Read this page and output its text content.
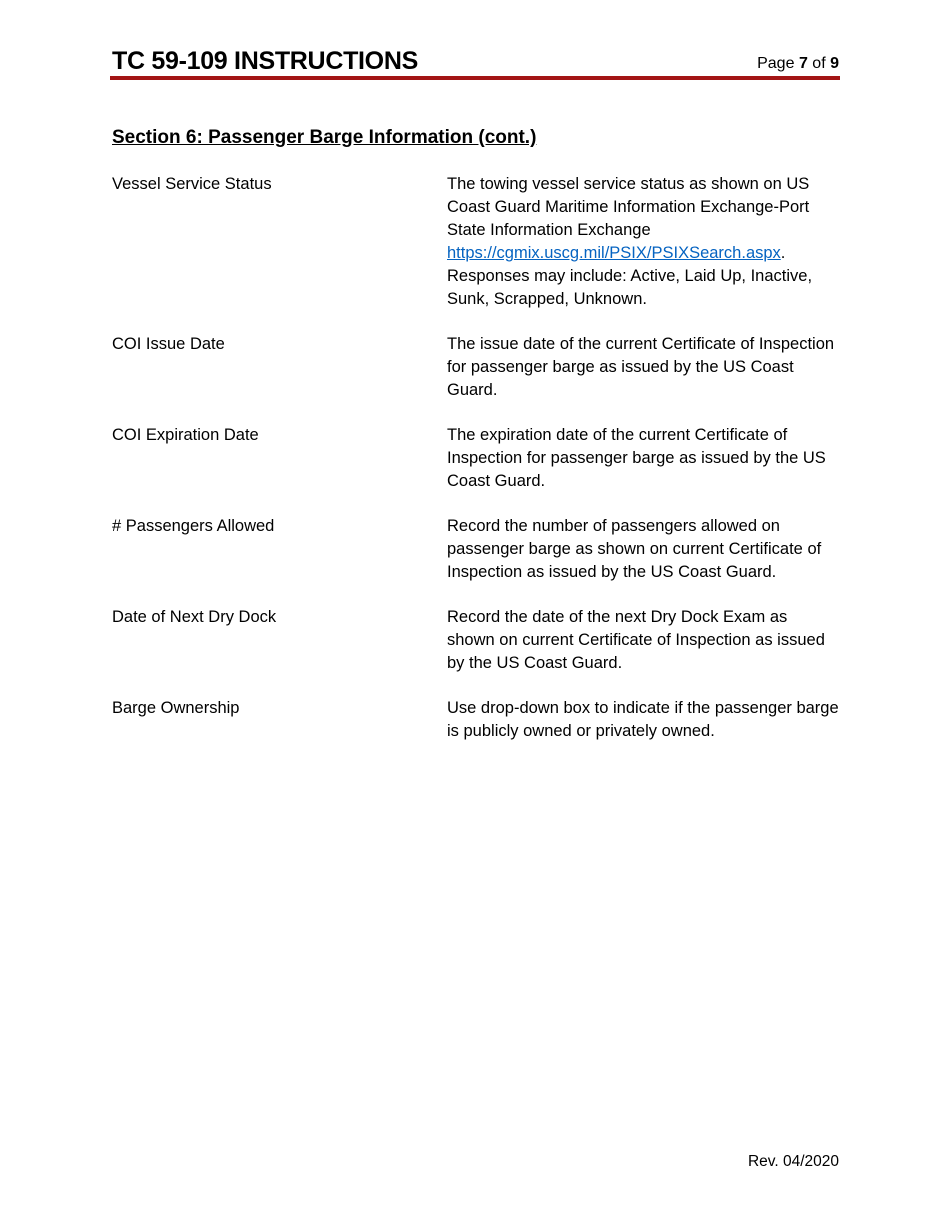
TC 59-109 INSTRUCTIONS	Page 7 of 9
Section 6: Passenger Barge Information (cont.)
Vessel Service Status	The towing vessel service status as shown on US Coast Guard Maritime Information Exchange-Port State Information Exchange https://cgmix.uscg.mil/PSIX/PSIXSearch.aspx. Responses may include: Active, Laid Up, Inactive, Sunk, Scrapped, Unknown.
COI Issue Date	The issue date of the current Certificate of Inspection for passenger barge as issued by the US Coast Guard.
COI Expiration Date	The expiration date of the current Certificate of Inspection for passenger barge as issued by the US Coast Guard.
# Passengers Allowed	Record the number of passengers allowed on passenger barge as shown on current Certificate of Inspection as issued by the US Coast Guard.
Date of Next Dry Dock	Record the date of the next Dry Dock Exam as shown on current Certificate of Inspection as issued by the US Coast Guard.
Barge Ownership	Use drop-down box to indicate if the passenger barge is publicly owned or privately owned.
Rev. 04/2020
